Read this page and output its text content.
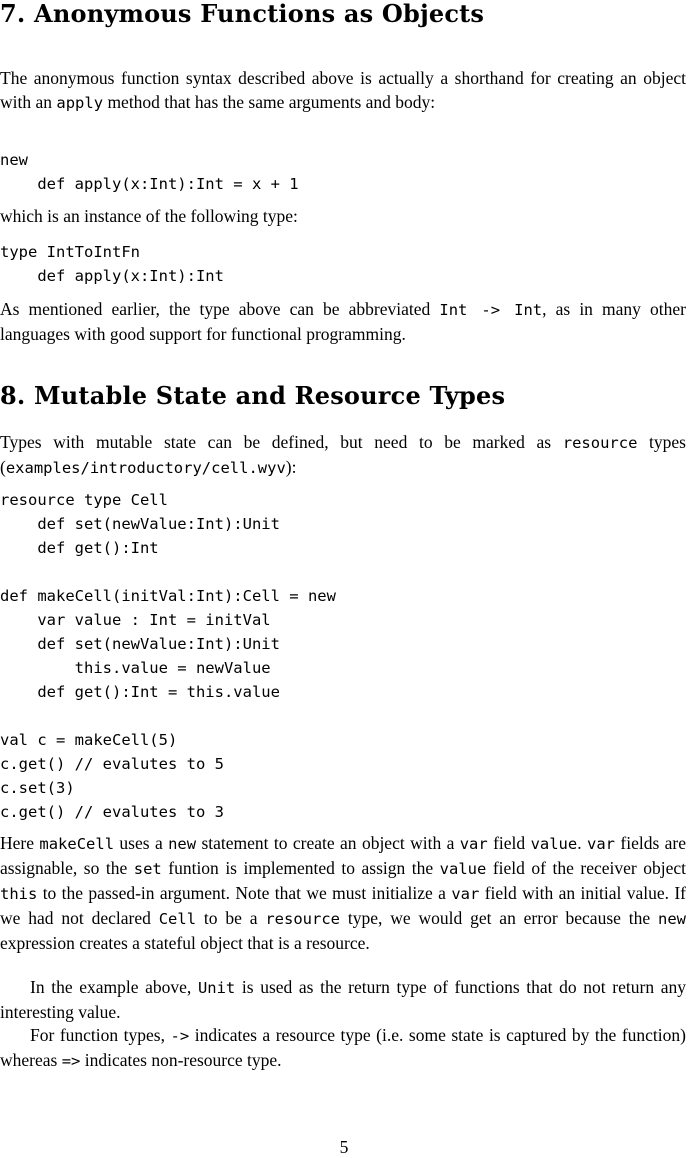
7. Anonymous Functions as Objects

The anonymous function syntax described above is actually a shorthand for creating an object with an apply method that has the same arguments and body:

new
def apply(x:Int):Int = x + 1

which is an instance of the following type:

type IntToIntFn
def apply(x:Int):Int

As mentioned earlier, the type above can be abbreviated Int -> Int, as in many other languages with good support for functional programming.

8. Mutable State and Resource Types

Types with mutable state can be defined, but need to be marked as resource types (examples/introductory/cell.wyv):

resource type Cell
def set(newValue:Int):Unit
def get():Int
def makeCell(initVal:Int):Cell = new
var value : Int = initVal
def set(newValue:Int):Unit
this.value = newValue
def get():Int = this.value
val c = makeCell(5)
c.get() // evalutes to 5
c.set(3)
c.get() // evalutes to 3

Here makeCell uses a new statement to create an object with a var field value. var fields are assignable, so the set funtion is implemented to assign the value field of the receiver object this to the passed-in argument. Note that we must initialize a var field with an initial value. If we had not declared Cell to be a resource type, we would get an error because the new expression creates a stateful object that is a resource.

In the example above, Unit is used as the return type of functions that do not return any interesting value.

For function types, -> indicates a resource type (i.e. some state is captured by the function) whereas => indicates non-resource type.

5
